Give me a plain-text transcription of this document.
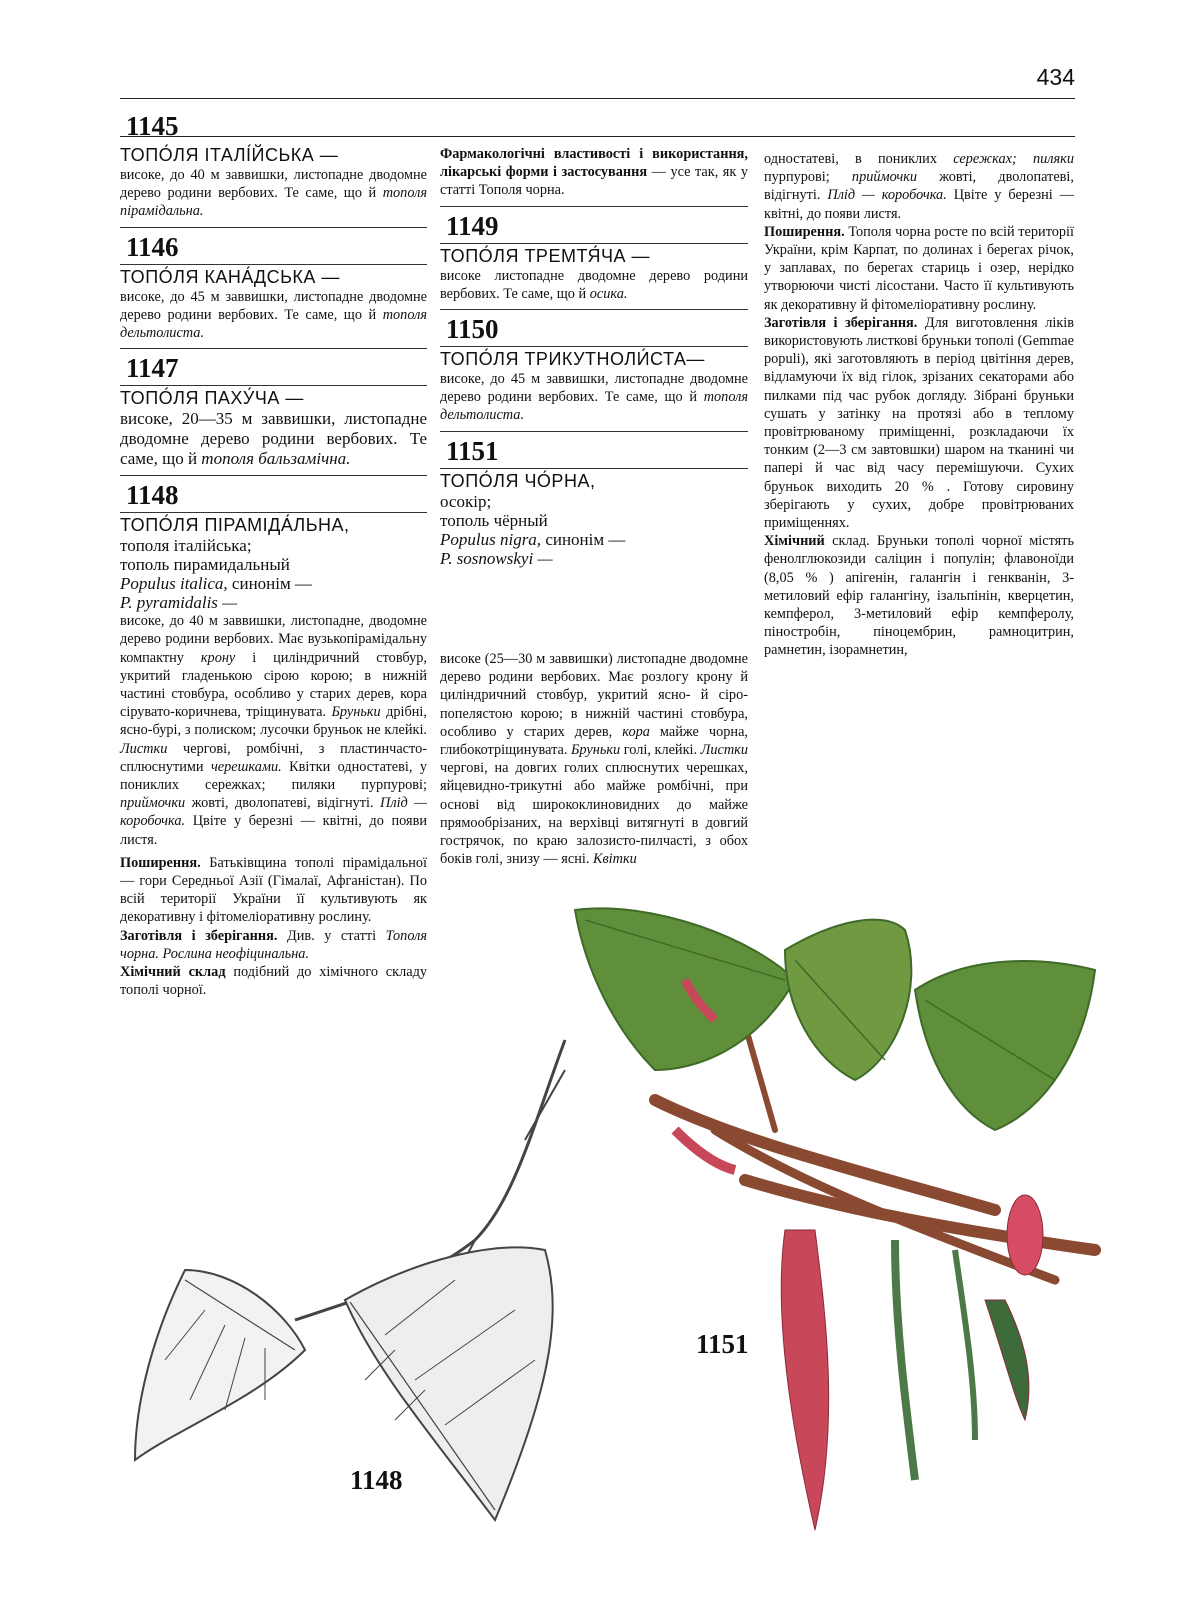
434
1145
ТОПО́ЛЯ ІТАЛІ́ЙСЬКА —

високе, до 40 м заввишки, листопадне дводомне дерево родини вербових. Те саме, що й тополя пірамідальна.

1146
ТОПО́ЛЯ КАНА́ДСЬКА —

високе, до 45 м заввишки, листопадне дводомне дерево родини вербових. Те саме, що й тополя дельтолиста.

1147
ТОПО́ЛЯ ПАХУ́ЧА —

високе, 20—35 м заввишки, листопадне дводомне дерево родини вербових. Те саме, що й тополя бальзамічна.

1148
ТОПО́ЛЯ ПІРАМІДА́ЛЬНА,

тополя італійська;

тополь пирамидальный

Populus italica, синонім —

P. pyramidalis —

високе, до 40 м заввишки, листопадне, дводомне дерево родини вербових. Має вузькопірамідальну компактну крону і циліндричний стовбур, укритий гладенькою сірою корою; в нижній частині стовбура, особливо у старих дерев, кора сірувато-коричнева, тріщинувата. Бруньки дрібні, ясно-бурі, з полиском; лусочки бруньок не клейкі. Листки чергові, ромбічні, з пластинчасто-сплюснутими черешками. Квітки одностатеві, у пониклих сережках; пиляки пурпурові; приймочки жовті, дволопатеві, відігнуті. Плід — коробочка. Цвіте у березні — квітні, до появи листя.

Поширення. Батьківщина тополі пірамідальної — гори Середньої Азії (Гімалаї, Афганістан). По всій території України її культивують як декоративну і фітомеліоративну рослину.

Заготівля і зберігання. Див. у статті Тополя чорна. Рослина неофіцинальна.

Хімічний склад подібний до хімічного складу тополі чорної.

Фармакологічні властивості і використання, лікарські форми і застосування — усе так, як у статті Тополя чорна.

1149
ТОПО́ЛЯ ТРЕМТЯ́ЧА —

високе листопадне дводомне дерево родини вербових. Те саме, що й осика.

1150
ТОПО́ЛЯ ТРИКУТНОЛИ́СТА—

високе, до 45 м заввишки, листопадне дводомне дерево родини вербових. Те саме, що й тополя дельтолиста.

1151
ТОПО́ЛЯ ЧО́РНА,

осокір;

тополь чёрный

Populus nigra, синонім —

P. sosnowskyi —

високе (25—30 м заввишки) листопадне дводомне дерево родини вербових. Має розлогу крону й циліндричний стовбур, укритий ясно- й сіро-попелястою корою; в нижній частині стовбура, особливо у старих дерев, кора майже чорна, глибокотріщинувата. Бруньки голі, клейкі. Листки чергові, на довгих голих сплюснутих черешках, яйцевидно-трикутні або майже ромбічні, при основі від ширококлиновидних до майже прямообрізаних, на верхівці витягнуті в довгий гострячок, по краю залозисто-пилчасті, з обох боків голі, знизу — ясні. Квітки

одностатеві, в пониклих сережках; пиляки пурпурові; приймочки жовті, дволопатеві, відігнуті. Плід — коробочка. Цвіте у березні — квітні, до появи листя.

Поширення. Тополя чорна росте по всій території України, крім Карпат, по долинах і берегах річок, у заплавах, по берегах стариць і озер, нерідко утворюючи чисті лісостани. Часто її культивують як декоративну й фітомеліоративну рослину.

Заготівля і зберігання. Для виготовлення ліків використовують листкові бруньки тополі (Gemmae populi), які заготовляють в період цвітіння дерев, відламуючи їх від гілок, зрізаних секаторами або пилками під час рубок догляду. Зібрані бруньки сушать у затінку на протязі або в теплому провітрюваному приміщенні, розкладаючи їх тонким (2—3 см завтовшки) шаром на тканині чи папері й час від часу перемішуючи. Сухих бруньок виходить 20 % . Готову сировину зберігають у сухих, добре провітрюваних приміщеннях.

Хімічний склад. Бруньки тополі чорної містять фенолглюкозиди саліцин і популін; флавоноїди (8,05 % ) апігенін, галангін і генкванін, 3-метиловий ефір галангіну, ізальпінін, кверцетин, кемпферол, 3-метиловий ефір кемпферолу, піностробін, піноцембрин, рамноцитрин, рамнетин, ізорамнетин,

1148
1151
